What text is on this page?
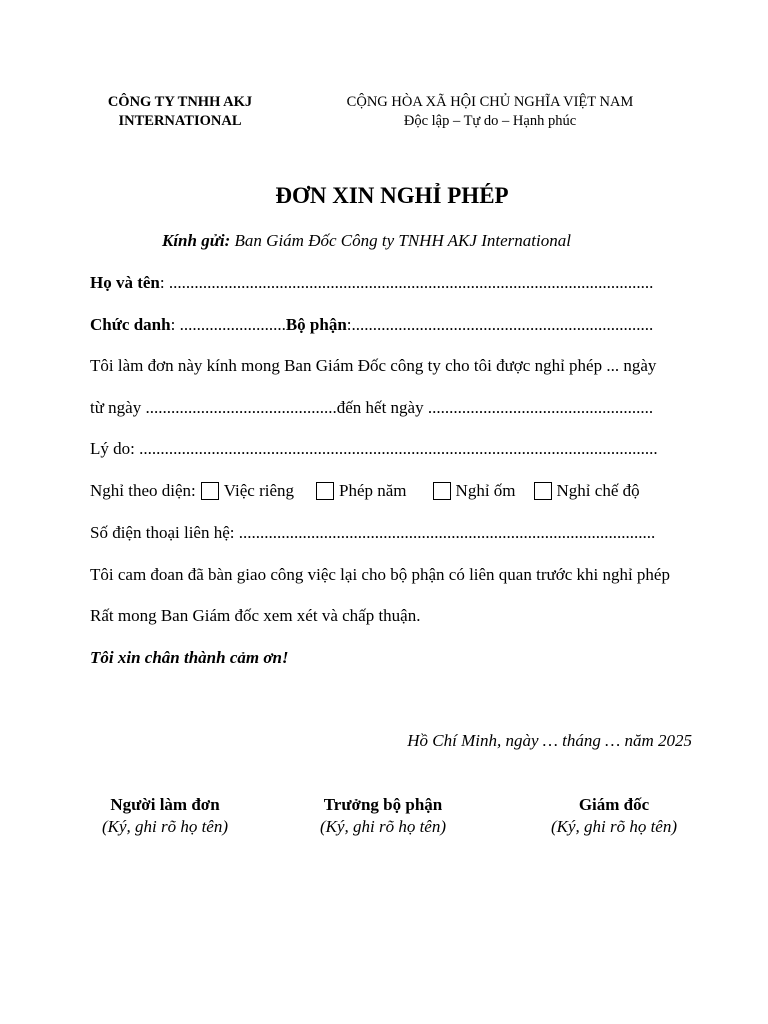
CÔNG TY TNHH AKJ
INTERNATIONAL
CỘNG HÒA XÃ HỘI CHỦ NGHĨA VIỆT NAM
Độc lập – Tự do – Hạnh phúc
ĐƠN XIN NGHỈ PHÉP
Kính gửi: Ban Giám Đốc Công ty TNHH AKJ International
Họ và tên: ..................................................................................................................
Chức danh: .........................Bộ phận:.......................................................................
Tôi làm đơn này kính mong Ban Giám Đốc công ty cho tôi được nghỉ phép ... ngày
từ ngày .............................................đến hết ngày .....................................................
Lý do: ..........................................................................................................................
Nghỉ theo diện: Việc riêng	Phép năm	Nghỉ ốm Nghỉ chế độ
Số điện thoại liên hệ: ..................................................................................................
Tôi cam đoan đã bàn giao công việc lại cho bộ phận có liên quan trước khi nghỉ phép
Rất mong Ban Giám đốc xem xét và chấp thuận.
Tôi xin chân thành cảm ơn!
Hồ Chí Minh, ngày … tháng … năm 2025
Người làm đơn
(Ký, ghi rõ họ tên)
Trưởng bộ phận
(Ký, ghi rõ họ tên)
Giám đốc
(Ký, ghi rõ họ tên)
